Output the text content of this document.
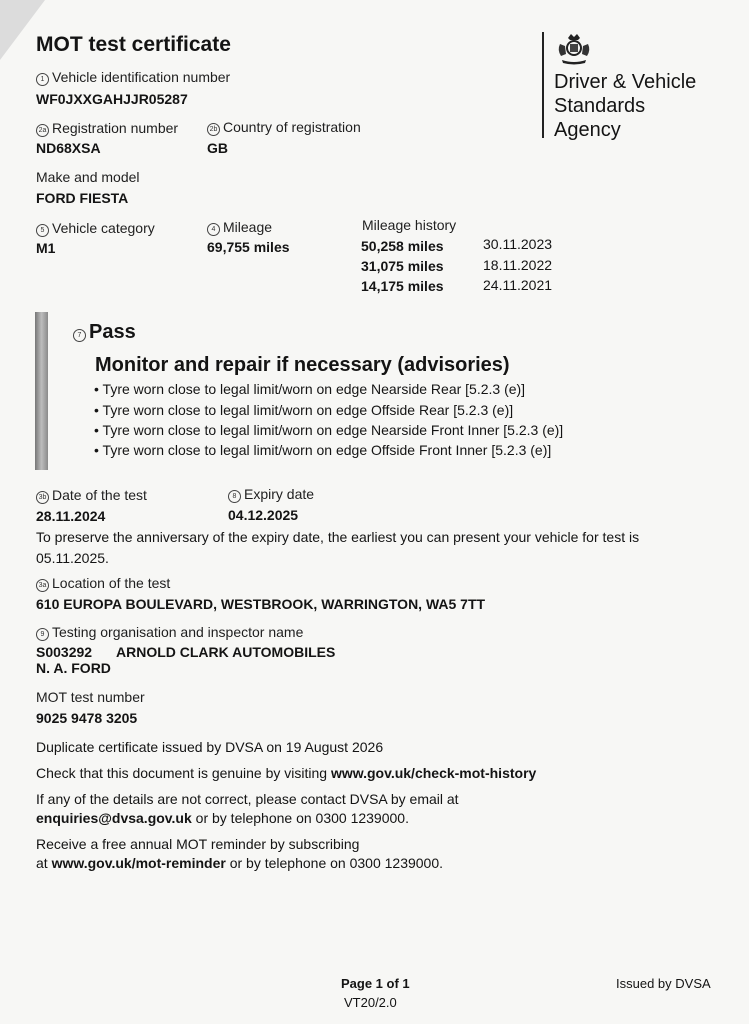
MOT test certificate
Driver & Vehicle
Standards
Agency
1 Vehicle identification number
WF0JXXGAHJJR05287
2a Registration number
ND68XSA
2b Country of registration
GB
Make and model
FORD FIESTA
5 Vehicle category
M1
4 Mileage
69,755 miles
Mileage history
50,258 miles	30.11.2023
31,075 miles	18.11.2022
14,175 miles	24.11.2021
7 Pass
Monitor and repair if necessary (advisories)
• Tyre worn close to legal limit/worn on edge Nearside Rear [5.2.3 (e)]
• Tyre worn close to legal limit/worn on edge Offside Rear [5.2.3 (e)]
• Tyre worn close to legal limit/worn on edge Nearside Front Inner [5.2.3 (e)]
• Tyre worn close to legal limit/worn on edge Offside Front Inner [5.2.3 (e)]
3b Date of the test
28.11.2024
8 Expiry date
04.12.2025
To preserve the anniversary of the expiry date, the earliest you can present your vehicle for test is
05.11.2025.
3a Location of the test
610 EUROPA BOULEVARD, WESTBROOK, WARRINGTON, WA5 7TT
9 Testing organisation and inspector name
S003292 ARNOLD CLARK AUTOMOBILES
N. A. FORD
MOT test number
9025 9478 3205
Duplicate certificate issued by DVSA on 19 August 2026
Check that this document is genuine by visiting www.gov.uk/check-mot-history
If any of the details are not correct, please contact DVSA by email at
enquiries@dvsa.gov.uk or by telephone on 0300 1239000.
Receive a free annual MOT reminder by subscribing
at www.gov.uk/mot-reminder or by telephone on 0300 1239000.
Page 1 of 1
VT20/2.0
Issued by DVSA
